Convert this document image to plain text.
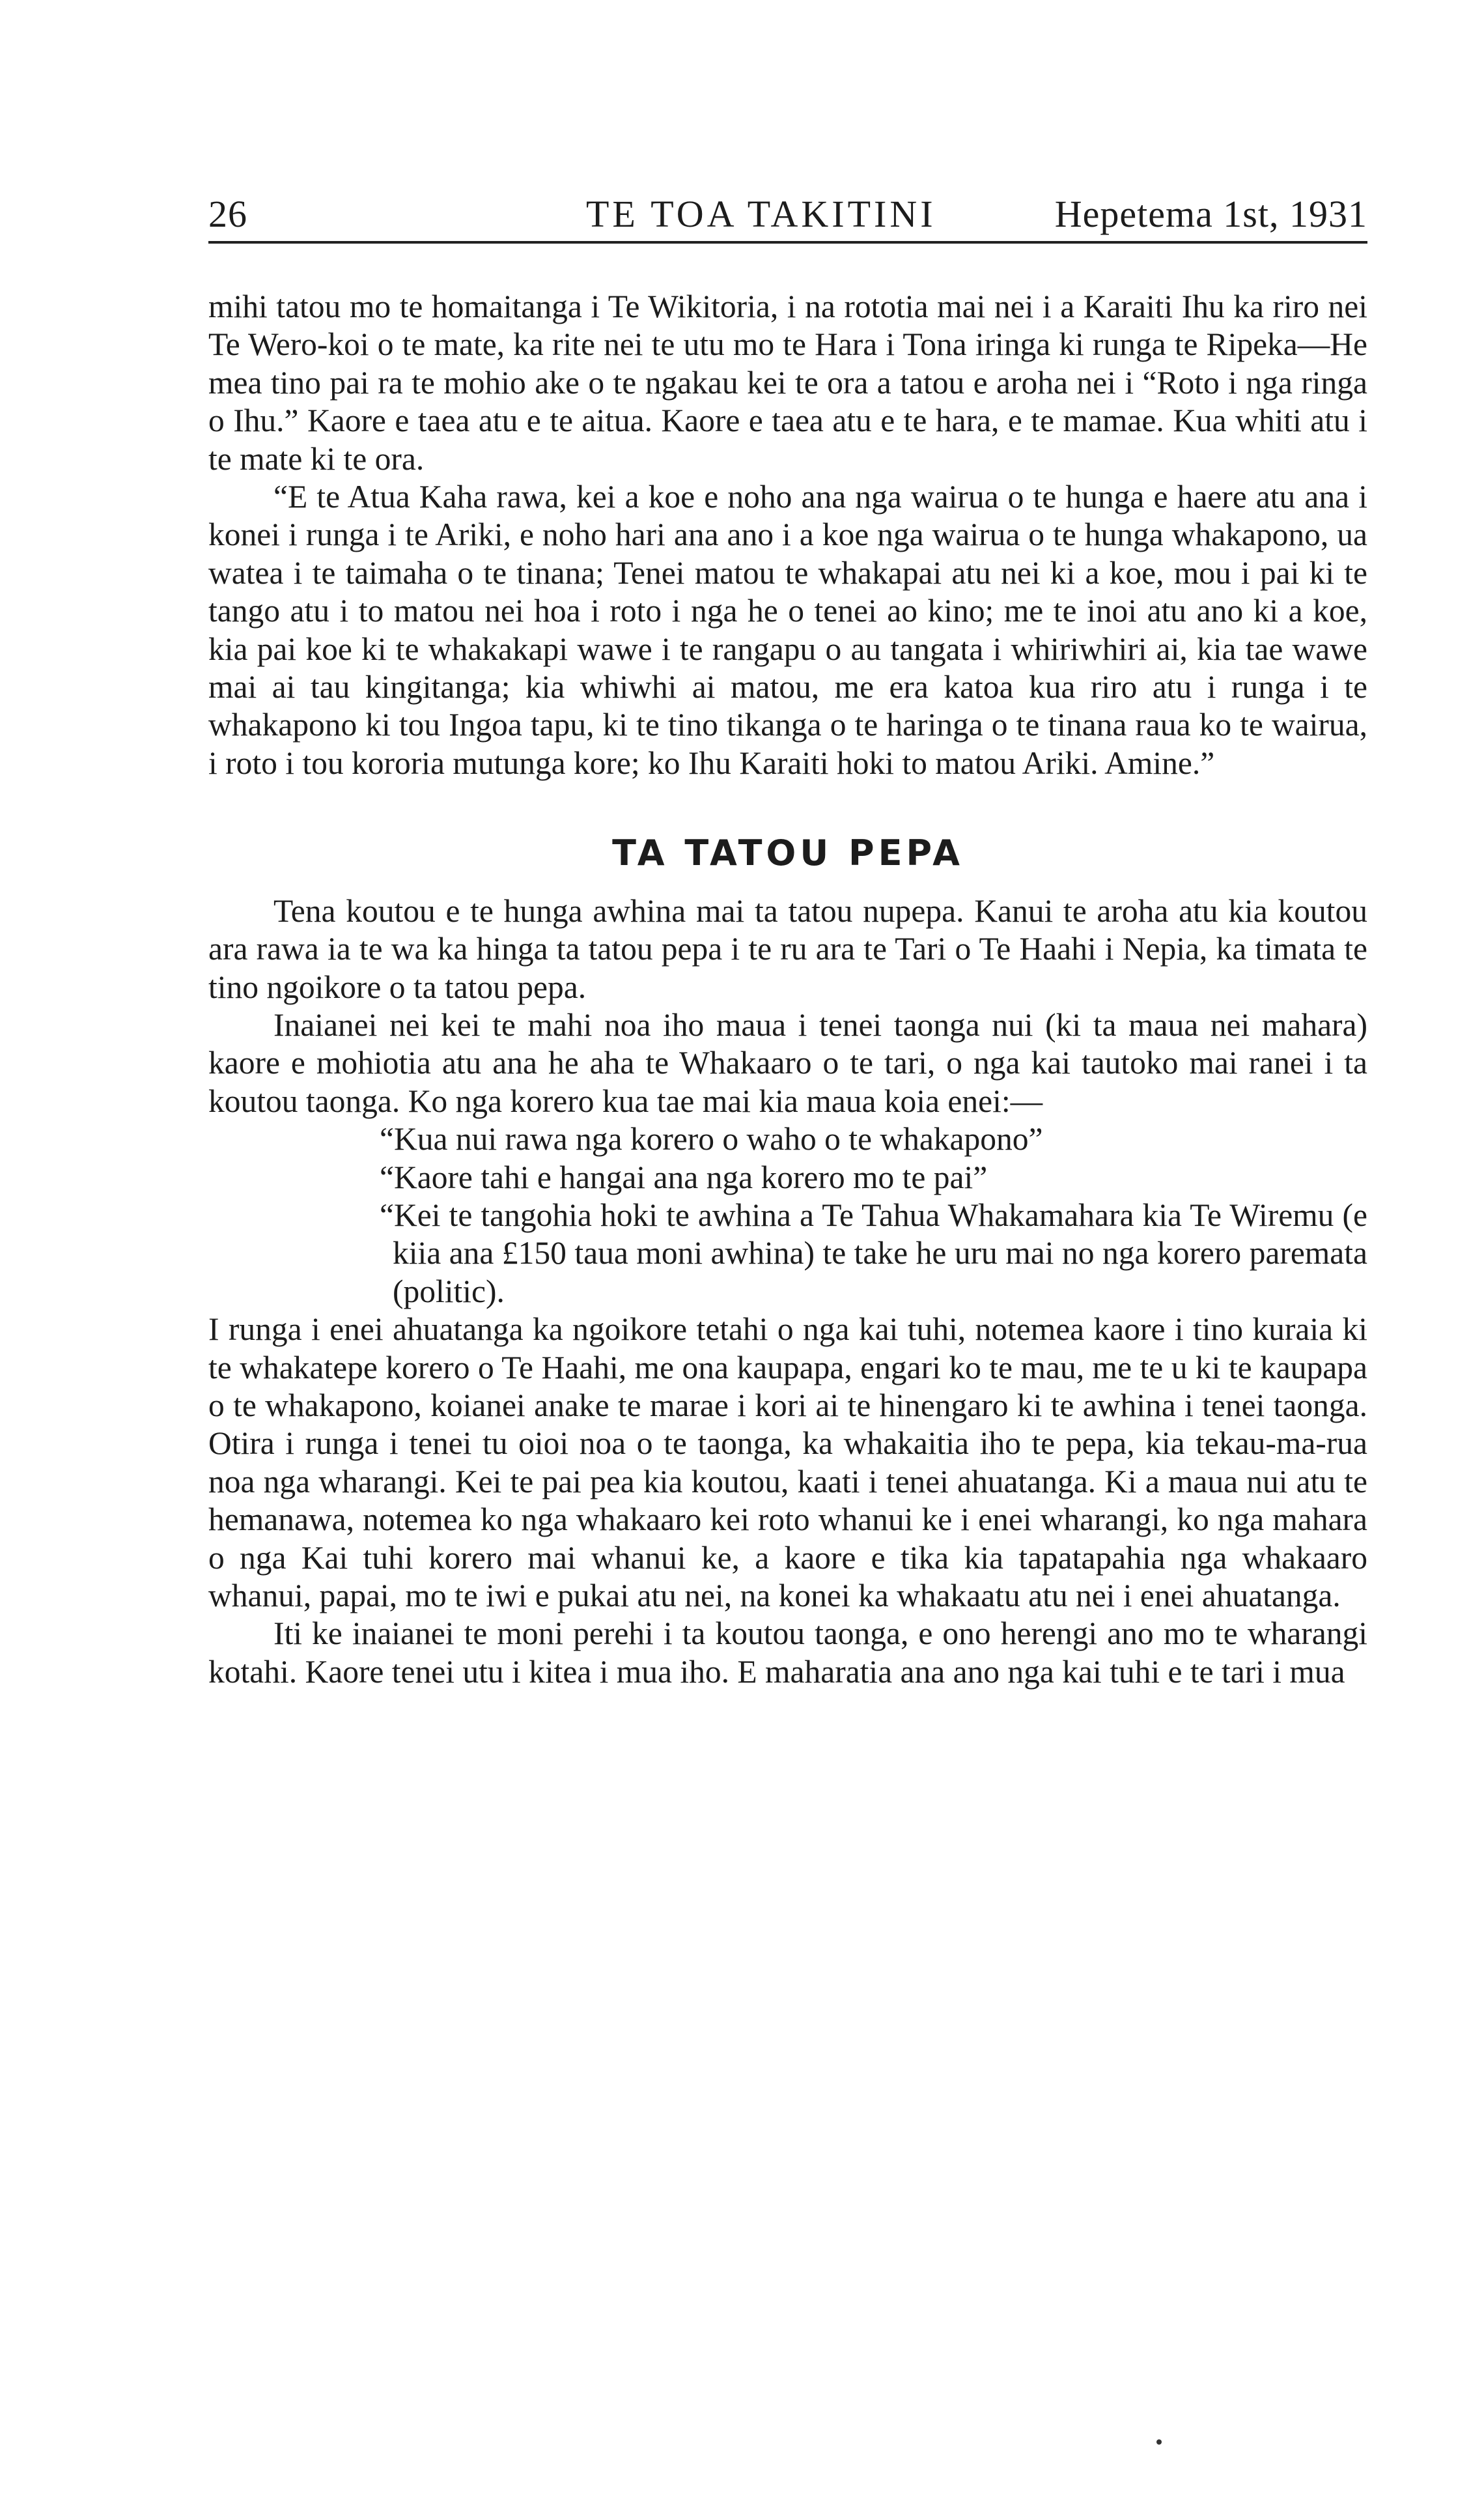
26	TE TOA TAKITINI	Hepetema 1st, 1931

mihi tatou mo te homaitanga i Te Wikitoria, i na rototia mai nei i a Karaiti Ihu ka riro nei Te Wero-koi o te mate, ka rite nei te utu mo te Hara i Tona iringa ki runga te Ripeka—He mea tino pai ra te mohio ake o te ngakau kei te ora a tatou e aroha nei i “Roto i nga ringa o Ihu.” Kaore e taea atu e te aitua. Kaore e taea atu e te hara, e te mamae. Kua whiti atu i te mate ki te ora.

“E te Atua Kaha rawa, kei a koe e noho ana nga wairua o te hunga e haere atu ana i konei i runga i te Ariki, e noho hari ana ano i a koe nga wairua o te hunga whakapono, ua watea i te taimaha o te tinana; Tenei matou te whakapai atu nei ki a koe, mou i pai ki te tango atu i to matou nei hoa i roto i nga he o tenei ao kino; me te inoi atu ano ki a koe, kia pai koe ki te whakakapi wawe i te rangapu o au tangata i whiriwhiri ai, kia tae wawe mai ai tau kingitanga; kia whiwhi ai matou, me era katoa kua riro atu i runga i te whakapono ki tou Ingoa tapu, ki te tino tikanga o te haringa o te tinana raua ko te wairua, i roto i tou kororia mutunga kore; ko Ihu Karaiti hoki to matou Ariki. Amine.”

TA TATOU PEPA

Tena koutou e te hunga awhina mai ta tatou nupepa. Kanui te aroha atu kia koutou ara rawa ia te wa ka hinga ta tatou pepa i te ru ara te Tari o Te Haahi i Nepia, ka timata te tino ngoikore o ta tatou pepa.

Inaianei nei kei te mahi noa iho maua i tenei taonga nui (ki ta maua nei mahara) kaore e mohiotia atu ana he aha te Whakaaro o te tari, o nga kai tautoko mai ranei i ta koutou taonga. Ko nga korero kua tae mai kia maua koia enei:—

“Kua nui rawa nga korero o waho o te whakapono”

“Kaore tahi e hangai ana nga korero mo te pai”

“Kei te tangohia hoki te awhina a Te Tahua Whakamahara kia Te Wiremu (e kiia ana £150 taua moni awhina) te take he uru mai no nga korero paremata (politic).

I runga i enei ahuatanga ka ngoikore tetahi o nga kai tuhi, notemea kaore i tino kuraia ki te whakatepe korero o Te Haahi, me ona kaupapa, engari ko te mau, me te u ki te kaupapa o te whakapono, koianei anake te marae i kori ai te hinengaro ki te awhina i tenei taonga. Otira i runga i tenei tu oioi noa o te taonga, ka whakaitia iho te pepa, kia tekau-ma-rua noa nga wharangi. Kei te pai pea kia koutou, kaati i tenei ahuatanga. Ki a maua nui atu te hemanawa, notemea ko nga whakaaro kei roto whanui ke i enei wharangi, ko nga mahara o nga Kai tuhi korero mai whanui ke, a kaore e tika kia tapatapahia nga whakaaro whanui, papai, mo te iwi e pukai atu nei, na konei ka whakaatu atu nei i enei ahuatanga.

Iti ke inaianei te moni perehi i ta koutou taonga, e ono herengi ano mo te wharangi kotahi. Kaore tenei utu i kitea i mua iho. E maharatia ana ano nga kai tuhi e te tari i mua
